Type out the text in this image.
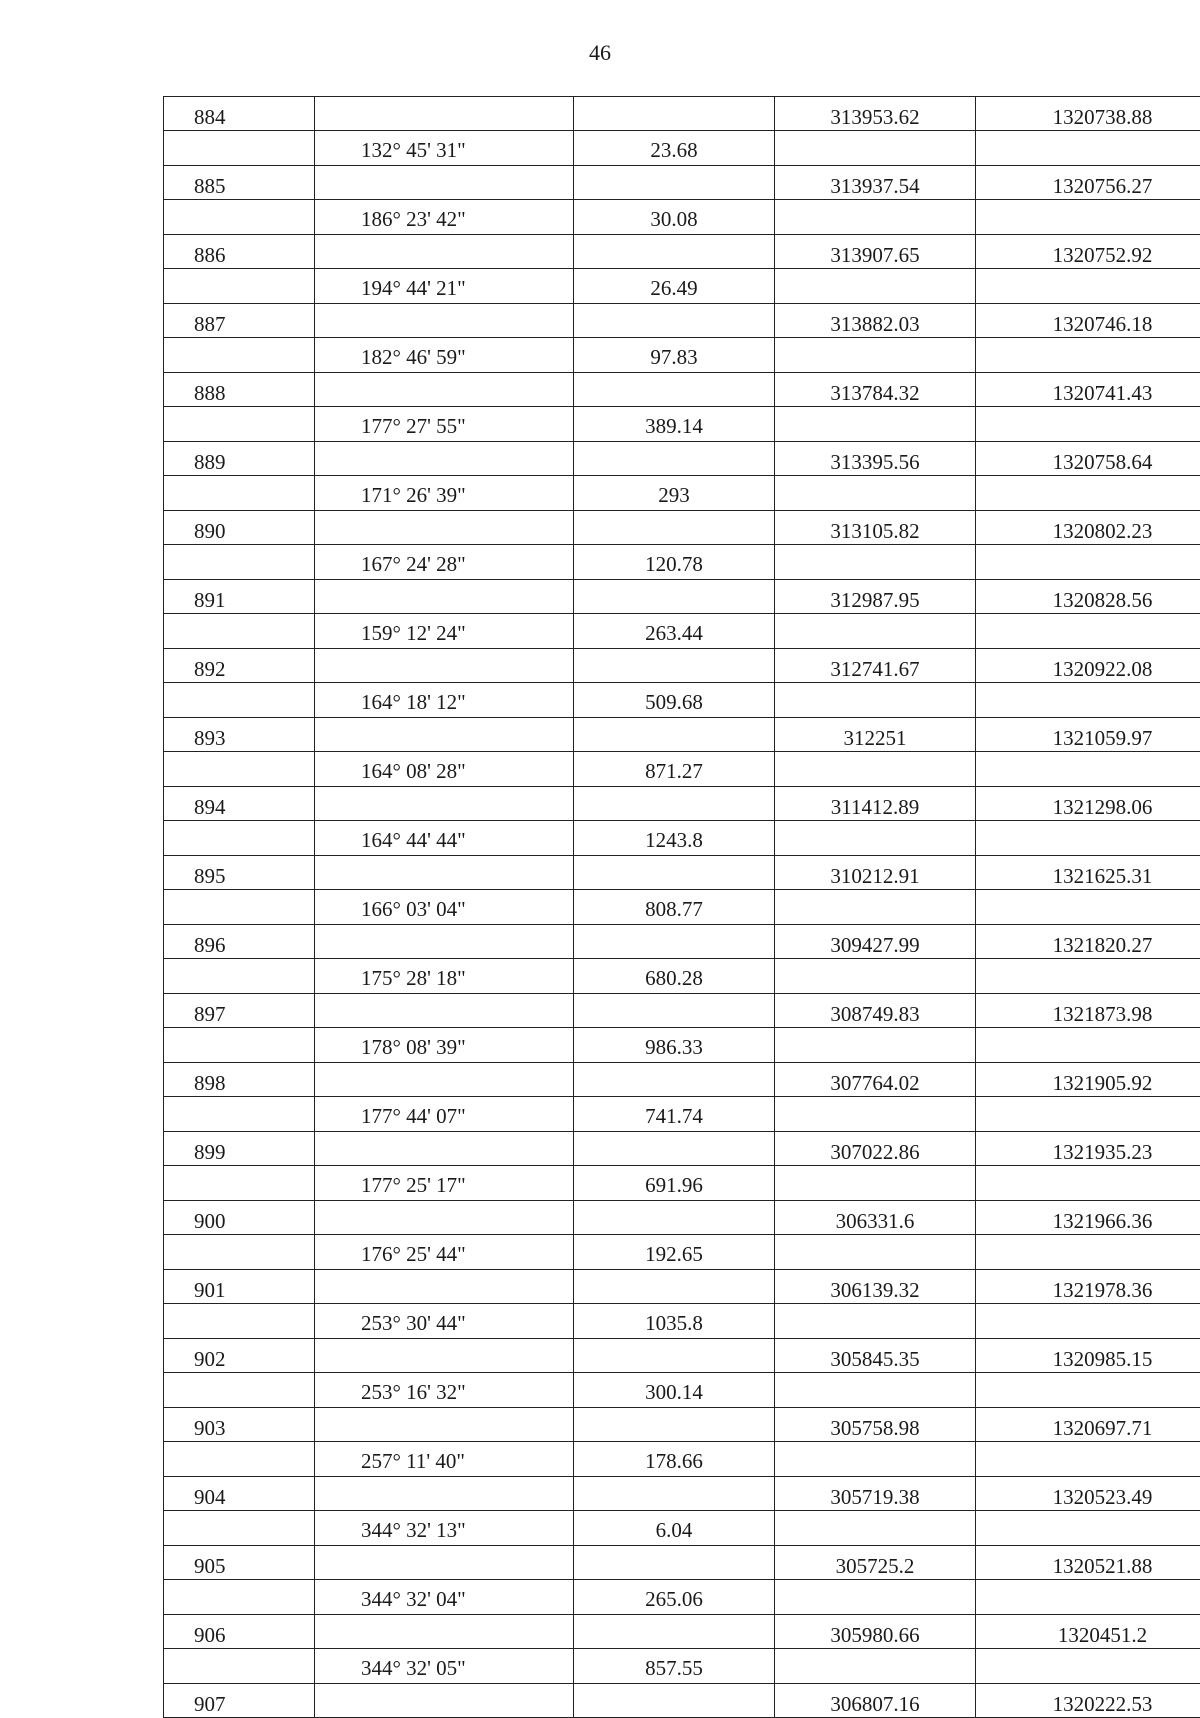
46
884			313953.62	1320738.88
	132° 45' 31"	23.68		
885			313937.54	1320756.27
	186° 23' 42"	30.08		
886			313907.65	1320752.92
	194° 44' 21"	26.49		
887			313882.03	1320746.18
	182° 46' 59"	97.83		
888			313784.32	1320741.43
	177° 27' 55"	389.14		
889			313395.56	1320758.64
	171° 26' 39"	293		
890			313105.82	1320802.23
	167° 24' 28"	120.78		
891			312987.95	1320828.56
	159° 12' 24"	263.44		
892			312741.67	1320922.08
	164° 18' 12"	509.68		
893			312251	1321059.97
	164° 08' 28"	871.27		
894			311412.89	1321298.06
	164° 44' 44"	1243.8		
895			310212.91	1321625.31
	166° 03' 04"	808.77		
896			309427.99	1321820.27
	175° 28' 18"	680.28		
897			308749.83	1321873.98
	178° 08' 39"	986.33		
898			307764.02	1321905.92
	177° 44' 07"	741.74		
899			307022.86	1321935.23
	177° 25' 17"	691.96		
900			306331.6	1321966.36
	176° 25' 44"	192.65		
901			306139.32	1321978.36
	253° 30' 44"	1035.8		
902			305845.35	1320985.15
	253° 16' 32"	300.14		
903			305758.98	1320697.71
	257° 11' 40"	178.66		
904			305719.38	1320523.49
	344° 32' 13"	6.04		
905			305725.2	1320521.88
	344° 32' 04"	265.06		
906			305980.66	1320451.2
	344° 32' 05"	857.55		
907			306807.16	1320222.53
